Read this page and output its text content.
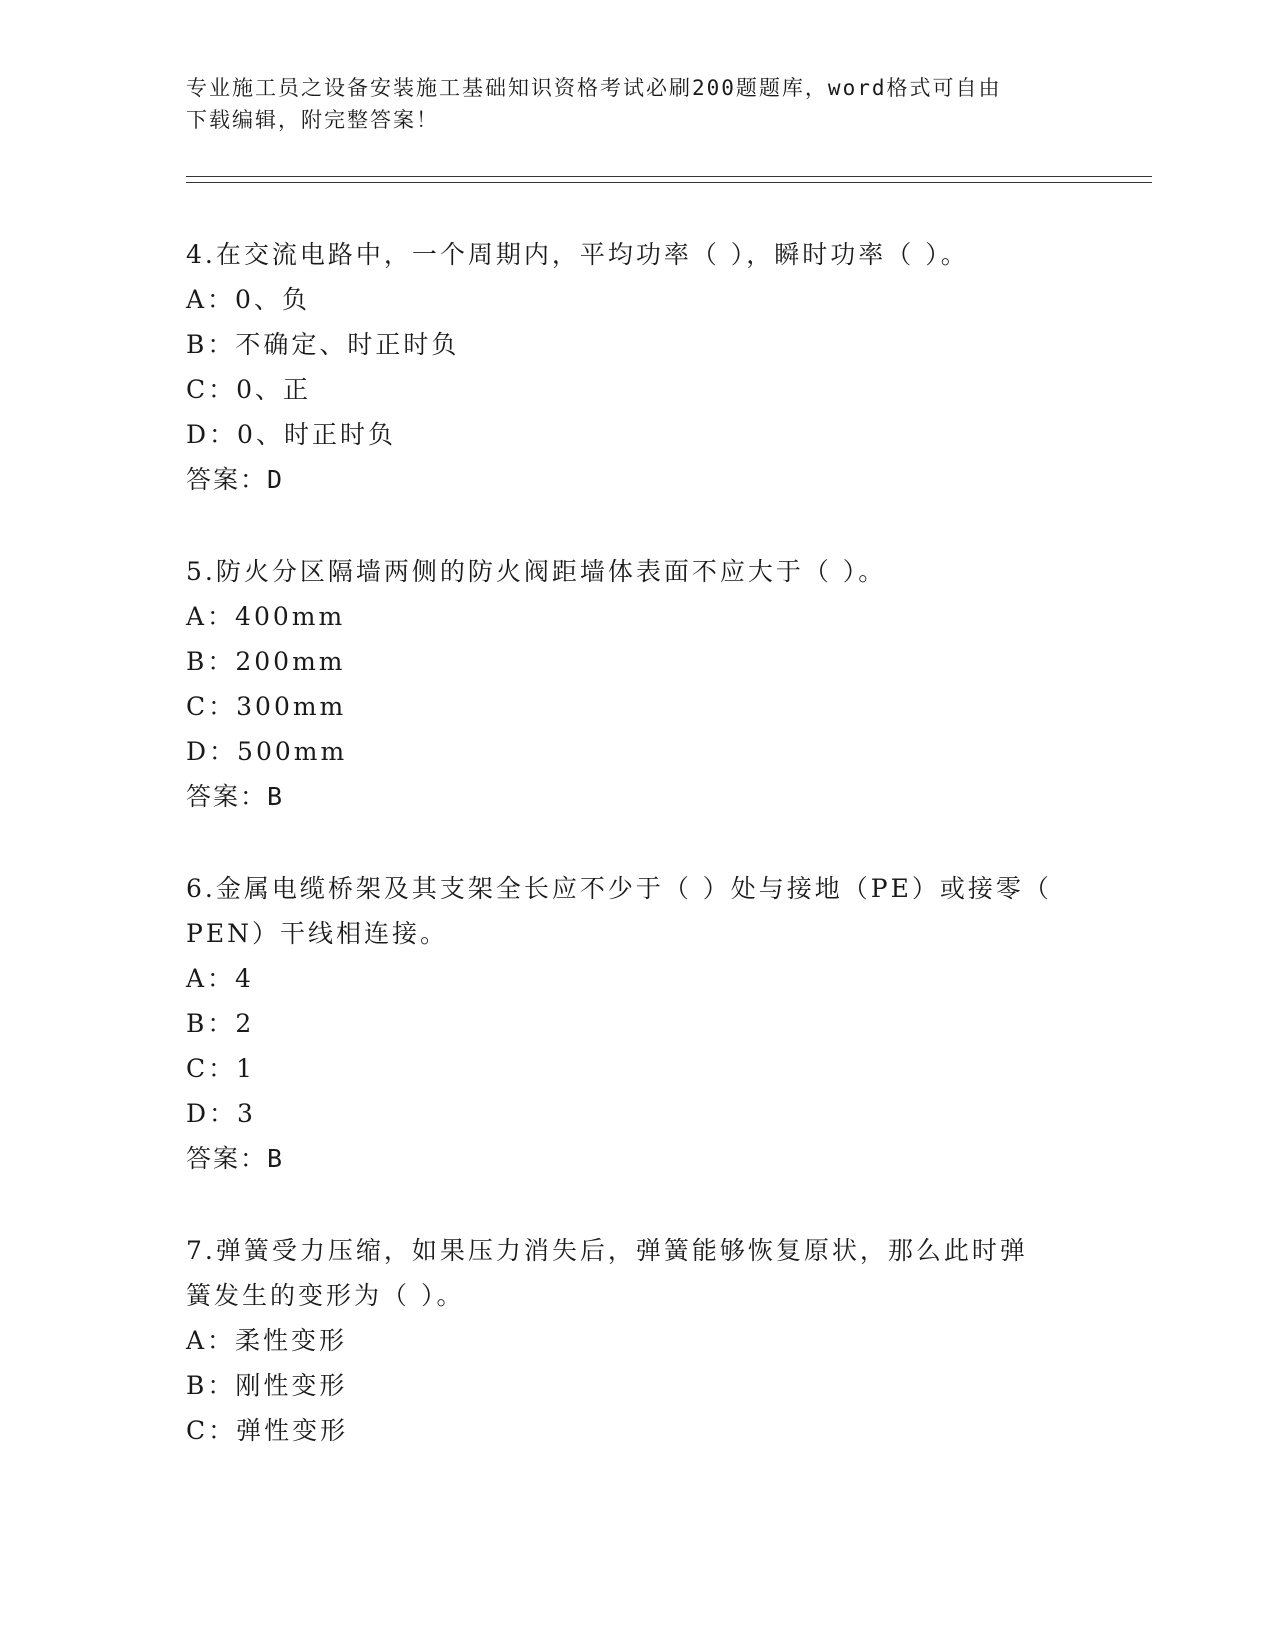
专业施工员之设备安装施工基础知识资格考试必刷200题题库，word格式可自由
下载编辑，附完整答案！
4.在交流电路中，一个周期内，平均功率（ ），瞬时功率（ ）。
A：0、负
B：不确定、时正时负
C：0、正
D：0、时正时负
答案：D
5.防火分区隔墙两侧的防火阀距墙体表面不应大于（ ）。
A：400mm
B：200mm
C：300mm
D：500mm
答案：B
6.金属电缆桥架及其支架全长应不少于（ ）处与接地（PE）或接零（
PEN）干线相连接。
A：4
B：2
C：1
D：3
答案：B
7.弹簧受力压缩，如果压力消失后，弹簧能够恢复原状，那么此时弹
簧发生的变形为（ ）。
A：柔性变形
B：刚性变形
C：弹性变形
